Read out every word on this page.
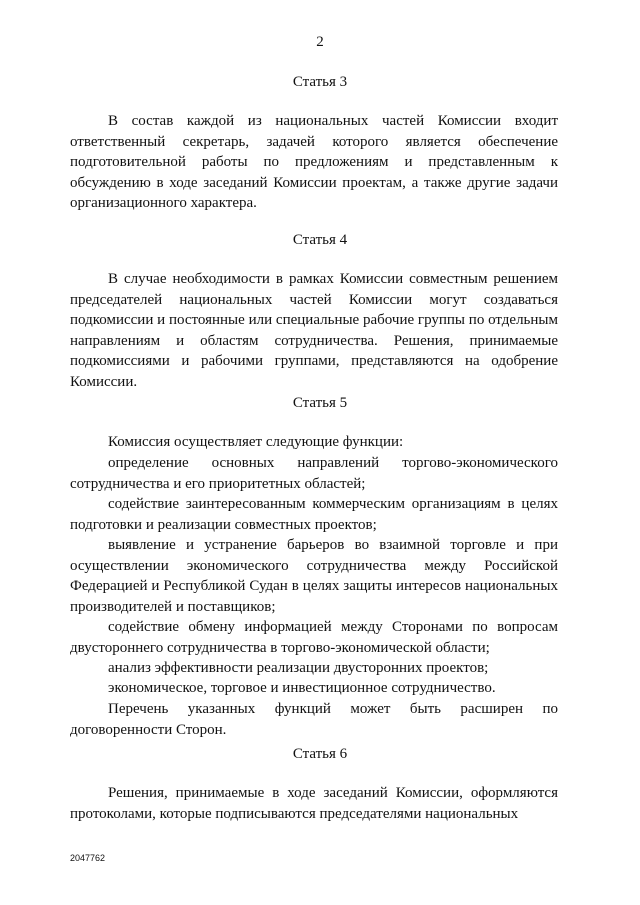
2
Статья 3

В состав каждой из национальных частей Комиссии входит ответственный секретарь, задачей которого является обеспечение подготовительной работы по предложениям и представленным к обсуждению в ходе заседаний Комиссии проектам, а также другие задачи организационного характера.

Статья 4

В случае необходимости в рамках Комиссии совместным решением председателей национальных частей Комиссии могут создаваться подкомиссии и постоянные или специальные рабочие группы по отдельным направлениям и областям сотрудничества. Решения, принимаемые подкомиссиями и рабочими группами, представляются на одобрение Комиссии.

Статья 5

Комиссия осуществляет следующие функции:

определение основных направлений торгово-экономического сотрудничества и его приоритетных областей;

содействие заинтересованным коммерческим организациям в целях подготовки и реализации совместных проектов;

выявление и устранение барьеров во взаимной торговле и при осуществлении экономического сотрудничества между Российской Федерацией и Республикой Судан в целях защиты интересов национальных производителей и поставщиков;

содействие обмену информацией между Сторонами по вопросам двустороннего сотрудничества в торгово-экономической области;

анализ эффективности реализации двусторонних проектов;

экономическое, торговое и инвестиционное сотрудничество.

Перечень указанных функций может быть расширен по договоренности Сторон.

Статья 6

Решения, принимаемые в ходе заседаний Комиссии, оформляются протоколами, которые подписываются председателями национальных

2047762
